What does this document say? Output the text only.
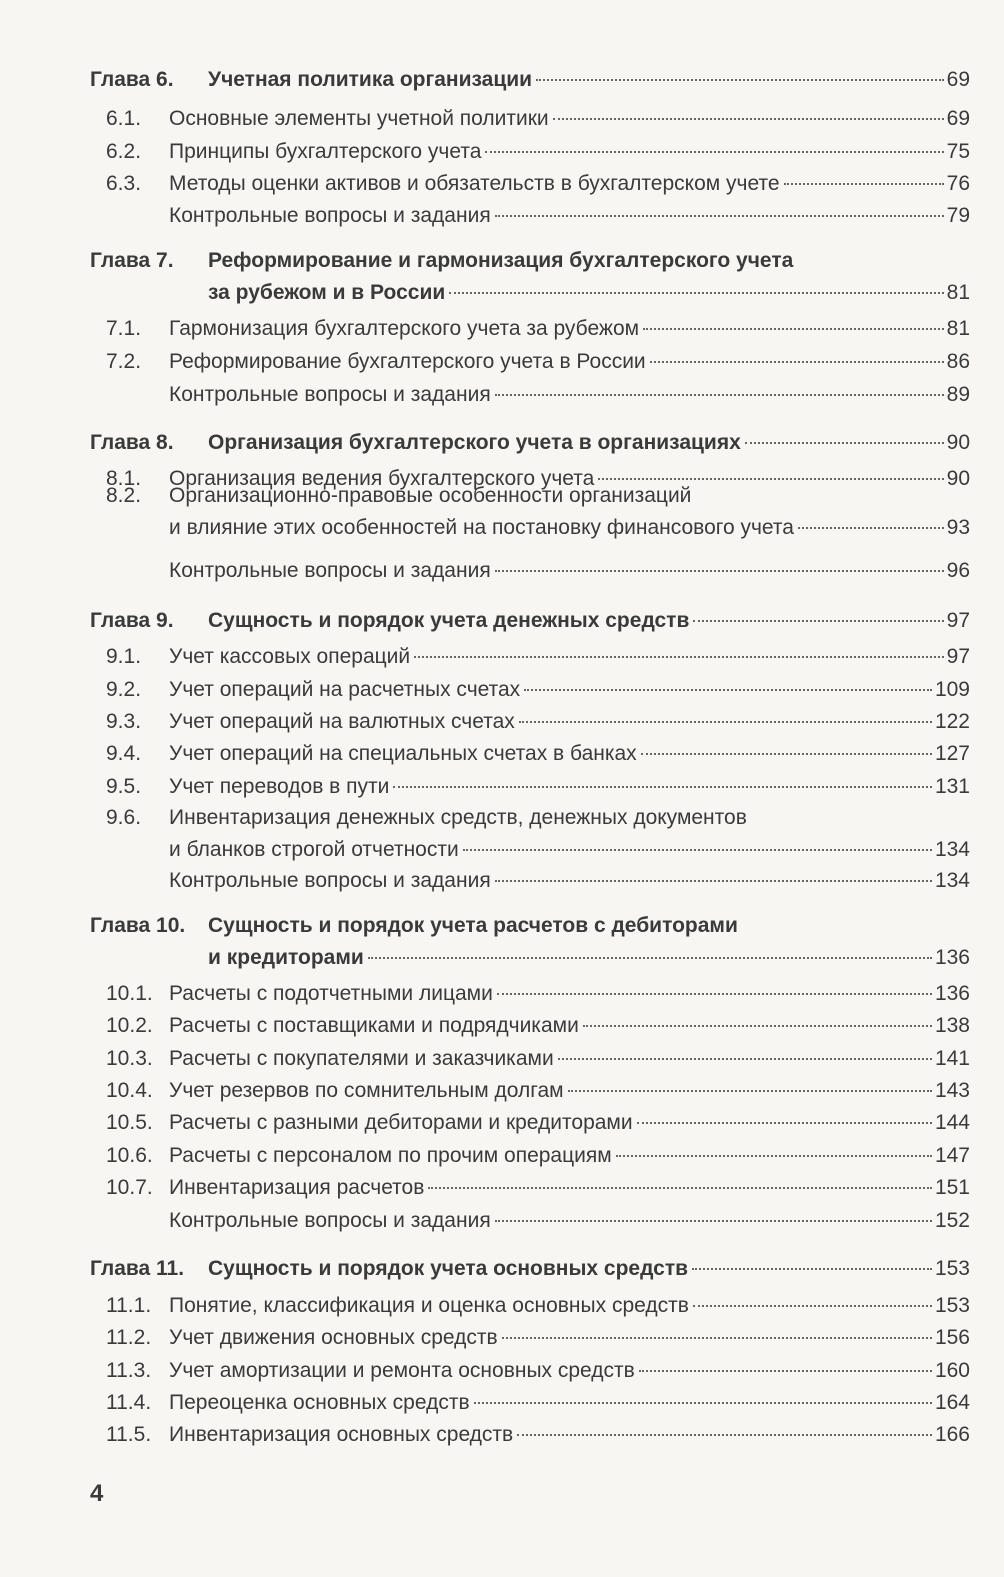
Глава 6. Учетная политика организации	69
6.1. Основные элементы учетной политики	69
6.2. Принципы бухгалтерского учета	75
6.3. Методы оценки активов и обязательств в бухгалтерском учете	76
Контрольные вопросы и задания	79
Глава 7. Реформирование и гармонизация бухгалтерского учета
за рубежом и в России	81
7.1. Гармонизация бухгалтерского учета за рубежом	81
7.2. Реформирование бухгалтерского учета в России	86
Контрольные вопросы и задания	89
Глава 8. Организация бухгалтерского учета в организациях	90
8.1. Организация ведения бухгалтерского учета	90
8.2. Организационно-правовые особенности организаций
и влияние этих особенностей на постановку финансового учета	93
Контрольные вопросы и задания	96
Глава 9. Сущность и порядок учета денежных средств	97
9.1. Учет кассовых операций	97
9.2. Учет операций на расчетных счетах	109
9.3. Учет операций на валютных счетах	122
9.4. Учет операций на специальных счетах в банках	127
9.5. Учет переводов в пути	131
9.6. Инвентаризация денежных средств, денежных документов
и бланков строгой отчетности	134
Контрольные вопросы и задания	134
Глава 10. Сущность и порядок учета расчетов с дебиторами
и кредиторами	136
10.1. Расчеты с подотчетными лицами	136
10.2. Расчеты с поставщиками и подрядчиками	138
10.3. Расчеты с покупателями и заказчиками	141
10.4. Учет резервов по сомнительным долгам	143
10.5. Расчеты с разными дебиторами и кредиторами	144
10.6. Расчеты с персоналом по прочим операциям	147
10.7. Инвентаризация расчетов	151
Контрольные вопросы и задания	152
Глава 11. Сущность и порядок учета основных средств	153
11.1. Понятие, классификация и оценка основных средств	153
11.2. Учет движения основных средств	156
11.3. Учет амортизации и ремонта основных средств	160
11.4. Переоценка основных средств	164
11.5. Инвентаризация основных средств	166
4
